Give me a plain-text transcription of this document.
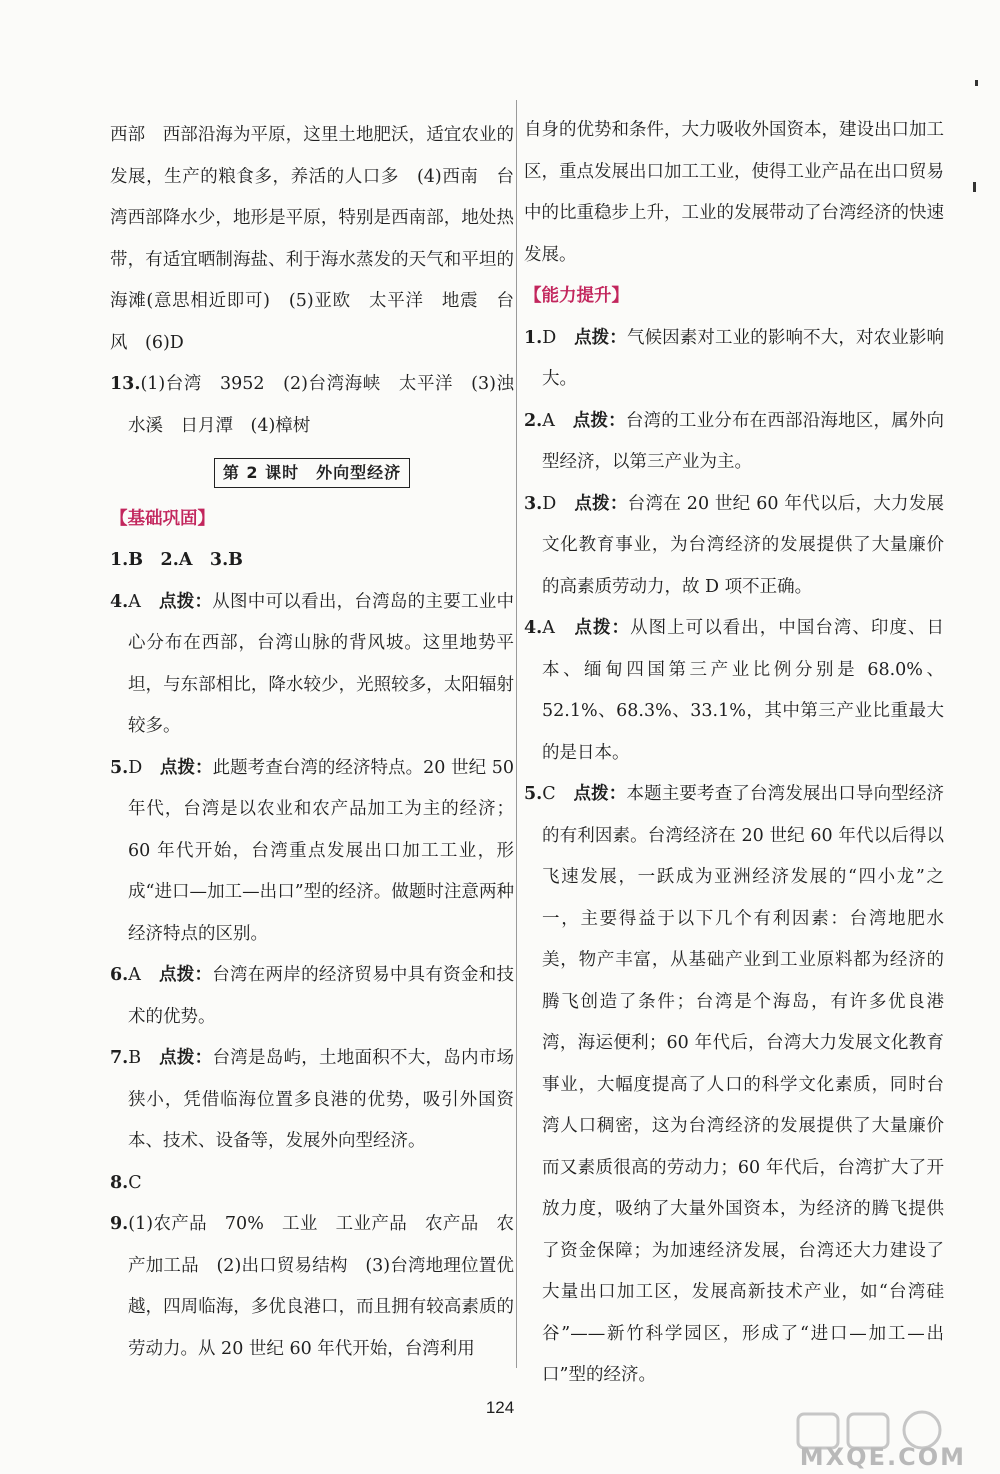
西部　西部沿海为平原，这里土地肥沃，适宜农业的发展，生产的粮食多，养活的人口多　(4)西南　台湾西部降水少，地形是平原，特别是西南部，地处热带，有适宜晒制海盐、利于海水蒸发的天气和平坦的海滩(意思相近即可)　(5)亚欧　太平洋　地震　台风　(6)D

13.(1)台湾　3952　(2)台湾海峡　太平洋　(3)浊水溪　日月潭　(4)樟树

第 2 课时　外向型经济

【基础巩固】

1.B　2.A　3.B

4.A　 点拨：从图中可以看出，台湾岛的主要工业中心分布在西部，台湾山脉的背风坡。这里地势平坦，与东部相比，降水较少，光照较多，太阳辐射较多。

5.D　 点拨：此题考查台湾的经济特点。20 世纪 50 年代，台湾是以农业和农产品加工为主的经济；60 年代开始，台湾重点发展出口加工工业，形成“进口—加工—出口”型的经济。做题时注意两种经济特点的区别。

6.A　 点拨：台湾在两岸的经济贸易中具有资金和技术的优势。

7.B　 点拨：台湾是岛屿，土地面积不大，岛内市场狭小，凭借临海位置多良港的优势，吸引外国资本、技术、设备等，发展外向型经济。

8.C

9.(1)农产品　70%　工业　工业产品　农产品　农产加工品　(2)出口贸易结构　(3)台湾地理位置优越，四周临海，多优良港口，而且拥有较高素质的劳动力。从 20 世纪 60 年代开始，台湾利用

自身的优势和条件，大力吸收外国资本，建设出口加工区，重点发展出口加工工业，使得工业产品在出口贸易中的比重稳步上升，工业的发展带动了台湾经济的快速发展。

【能力提升】

1.D　 点拨：气候因素对工业的影响不大，对农业影响大。

2.A　 点拨：台湾的工业分布在西部沿海地区，属外向型经济，以第三产业为主。

3.D　 点拨：台湾在 20 世纪 60 年代以后，大力发展文化教育事业，为台湾经济的发展提供了大量廉价的高素质劳动力，故 D 项不正确。

4.A　 点拨：从图上可以看出，中国台湾、印度、日本、缅甸四国第三产业比例分别是 68.0%、52.1%、68.3%、33.1%，其中第三产业比重最大的是日本。

5.C　 点拨：本题主要考查了台湾发展出口导向型经济的有利因素。台湾经济在 20 世纪 60 年代以后得以飞速发展，一跃成为亚洲经济发展的“四小龙”之一，主要得益于以下几个有利因素：台湾地肥水美，物产丰富，从基础产业到工业原料都为经济的腾飞创造了条件；台湾是个海岛，有许多优良港湾，海运便利；60 年代后，台湾大力发展文化教育事业，大幅度提高了人口的科学文化素质，同时台湾人口稠密，这为台湾经济的发展提供了大量廉价而又素质很高的劳动力；60 年代后，台湾扩大了开放力度，吸纳了大量外国资本，为经济的腾飞提供了资金保障；为加速经济发展，台湾还大力建设了大量出口加工区，发展高新技术产业，如“台湾硅谷”——新竹科学园区，形成了“进口—加工—出口”型的经济。

124
MXQE.COM
